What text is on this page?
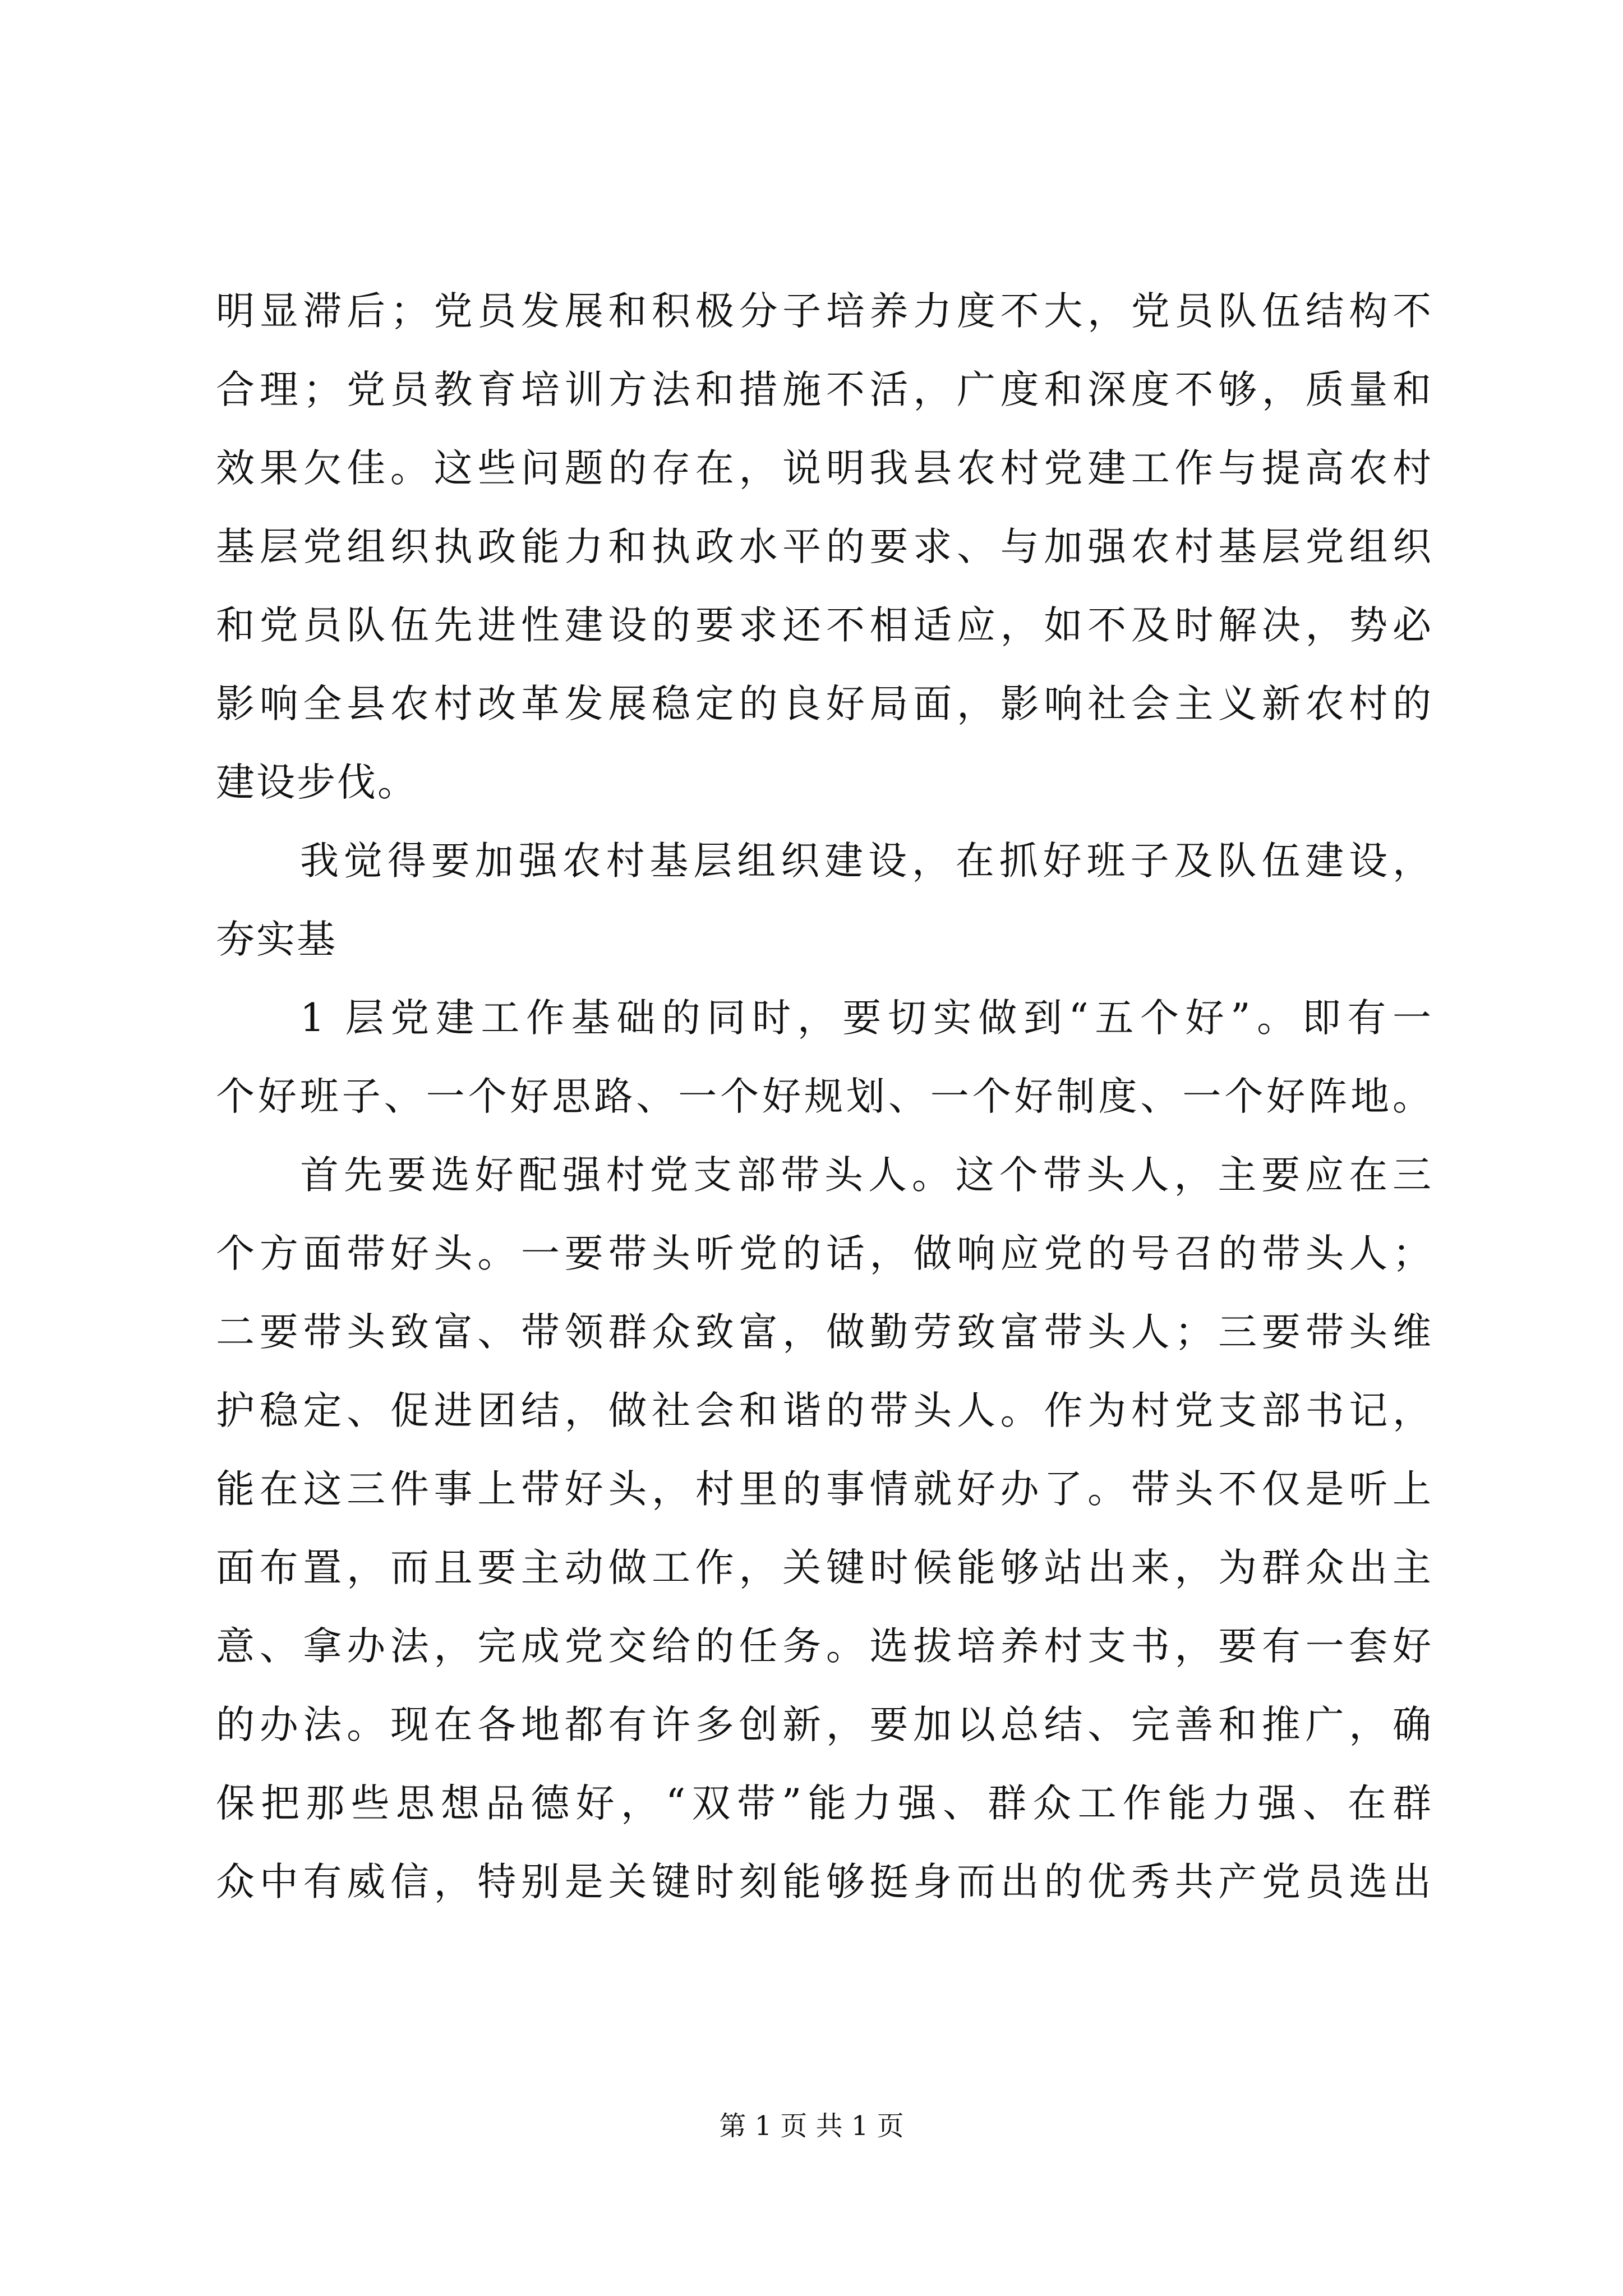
明显滞后；党员发展和积极分子培养力度不大，党员队伍结构不
合理；党员教育培训方法和措施不活，广度和深度不够，质量和
效果欠佳。这些问题的存在，说明我县农村党建工作与提高农村
基层党组织执政能力和执政水平的要求、与加强农村基层党组织
和党员队伍先进性建设的要求还不相适应，如不及时解决，势必
影响全县农村改革发展稳定的良好局面，影响社会主义新农村的
建设步伐。
我觉得要加强农村基层组织建设，在抓好班子及队伍建设，
夯实基
1 层党建工作基础的同时，要切实做到“五个好”。即有一
个好班子、一个好思路、一个好规划、一个好制度、一个好阵地。
首先要选好配强村党支部带头人。这个带头人，主要应在三
个方面带好头。一要带头听党的话，做响应党的号召的带头人；
二要带头致富、带领群众致富，做勤劳致富带头人；三要带头维
护稳定、促进团结，做社会和谐的带头人。作为村党支部书记，
能在这三件事上带好头，村里的事情就好办了。带头不仅是听上
面布置，而且要主动做工作，关键时候能够站出来，为群众出主
意、拿办法，完成党交给的任务。选拔培养村支书，要有一套好
的办法。现在各地都有许多创新，要加以总结、完善和推广，确
保把那些思想品德好，“双带”能力强、群众工作能力强、在群
众中有威信，特别是关键时刻能够挺身而出的优秀共产党员选出
第 1 页 共 1 页
